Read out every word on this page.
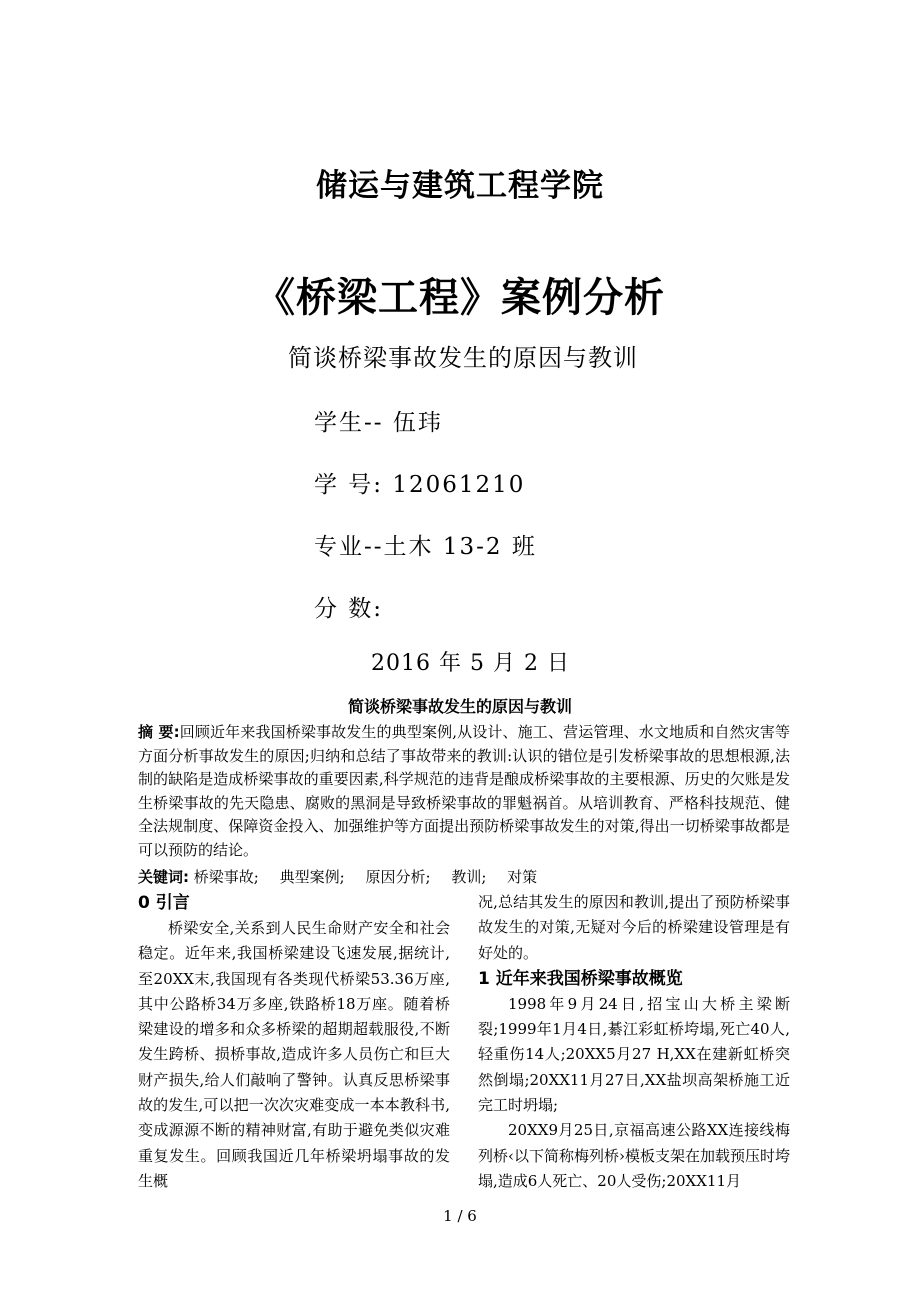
储运与建筑工程学院
《桥梁工程》案例分析
简谈桥梁事故发生的原因与教训
学生-- 伍玮
学 号: 12061210
专业--土木 13-2 班
分 数:
2016 年 5 月 2 日
简谈桥梁事故发生的原因与教训
摘 要:回顾近年来我国桥梁事故发生的典型案例,从设计、施工、营运管理、水文地质和自然灾害等方面分析事故发生的原因;归纳和总结了事故带来的教训:认识的错位是引发桥梁事故的思想根源,法制的缺陷是造成桥梁事故的重要因素,科学规范的违背是酿成桥梁事故的主要根源、历史的欠账是发生桥梁事故的先天隐患、腐败的黑洞是导致桥梁事故的罪魁祸首。从培训教育、严格科技规范、健全法规制度、保障资金投入、加强维护等方面提出预防桥梁事故发生的对策,得出一切桥梁事故都是可以预防的结论。
关键词: 桥梁事故; 典型案例; 原因分析; 教训; 对策
0 引言

桥梁安全,关系到人民生命财产安全和社会稳定。近年来,我国桥梁建设飞速发展,据统计,至20XX末,我国现有各类现代桥梁53.36万座,其中公路桥34万多座,铁路桥18万座。随着桥梁建设的增多和众多桥梁的超期超载服役,不断发生跨桥、损桥事故,造成许多人员伤亡和巨大财产损失,给人们敲响了警钟。认真反思桥梁事故的发生,可以把一次次灾难变成一本本教科书,变成源源不断的精神财富,有助于避免类似灾难重复发生。回顾我国近几年桥梁坍塌事故的发生概

况,总结其发生的原因和教训,提出了预防桥梁事故发生的对策,无疑对今后的桥梁建设管理是有好处的。

1 近年来我国桥梁事故概览

1998年9月24日,招宝山大桥主梁断裂;1999年1月4日,綦江彩虹桥垮塌,死亡40人,轻重伤14人;20XX5月27 H,XX在建新虹桥突然倒塌;20XX11月27日,XX盐坝高架桥施工近完工时坍塌;

20XX9月25日,京福高速公路XX连接线梅列桥‹以下简称梅列桥›模板支架在加载预压时垮塌,造成6人死亡、20人受伤;20XX11月

1 / 6
